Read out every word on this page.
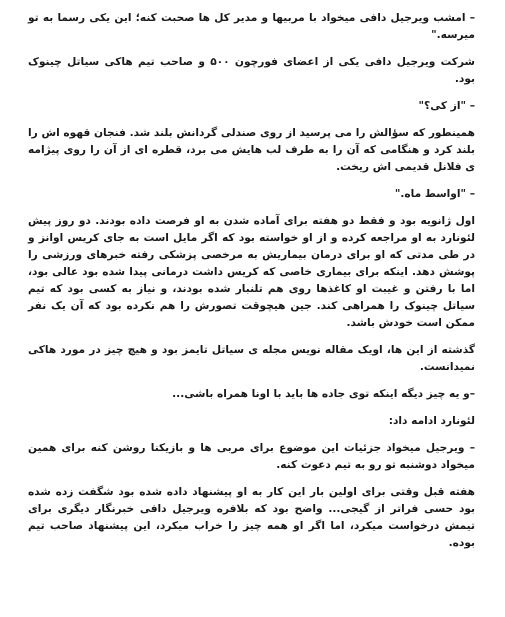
– امشب ویرجیل دافی میخواد با مربیها و مدیر کل ها صحبت کنه؛ این یکی رسما به تو میرسه."

شرکت ویرجیل دافی یکی از اعضای فورچون ۵۰۰ و صاحب تیم هاکی سیاتل چینوک بود.

– "از کی؟"

همینطور که سؤالش را می پرسید از روی صندلی گردانش بلند شد. فنجان قهوه اش را بلند کرد و هنگامی که آن را به طرف لب هایش می برد، قطره ای از آن را روی پیژامه ی فلانل قدیمی اش ریخت.

– "اواسط ماه."

اول ژانویه بود و فقط دو هفته برای آماده شدن به او فرصت داده بودند. دو روز پیش لئونارد به او مراجعه کرده و از او خواسته بود که اگر مایل است به جای کریس اوانز و در طی مدتی که او برای درمان بیماریش به مرخصی پزشکی رفته خبرهای ورزشی را پوشش دهد. اینکه برای بیماری خاصی که کریس داشت درمانی پیدا شده بود عالی بود، اما با رفتن و غیبت او کاغذها روی هم تلنبار شده بودند، و نیاز به کسی بود که تیم سیاتل چینوک را همراهی کند. جین هیچوقت تصورش را هم نکرده بود که آن یک نفر ممکن است خودش باشد.

گذشته از این ها، اویک مقاله نویس مجله ی سیاتل تایمز بود و هیچ چیز در مورد هاکی نمیدانست.

–و یه چیز دیگه اینکه توی جاده ها باید با اونا همراه باشی...

لئونارد ادامه داد:

– ویرجیل میخواد جزئیات این موضوع برای مربی ها و بازیکنا روشن کنه برای همین میخواد دوشنبه تو رو به تیم دعوت کنه.

هفته قبل وقتی برای اولین بار این کار به او پیشنهاد داده شده بود شگفت زده شده بود حسی فراتر از گیجی... واضح بود که بلافره ویرجیل دافی خبرنگار دیگری برای تیمش درخواست میکرد، اما اگر او همه چیز را خراب میکرد، این پیشنهاد صاحب تیم بوده.
